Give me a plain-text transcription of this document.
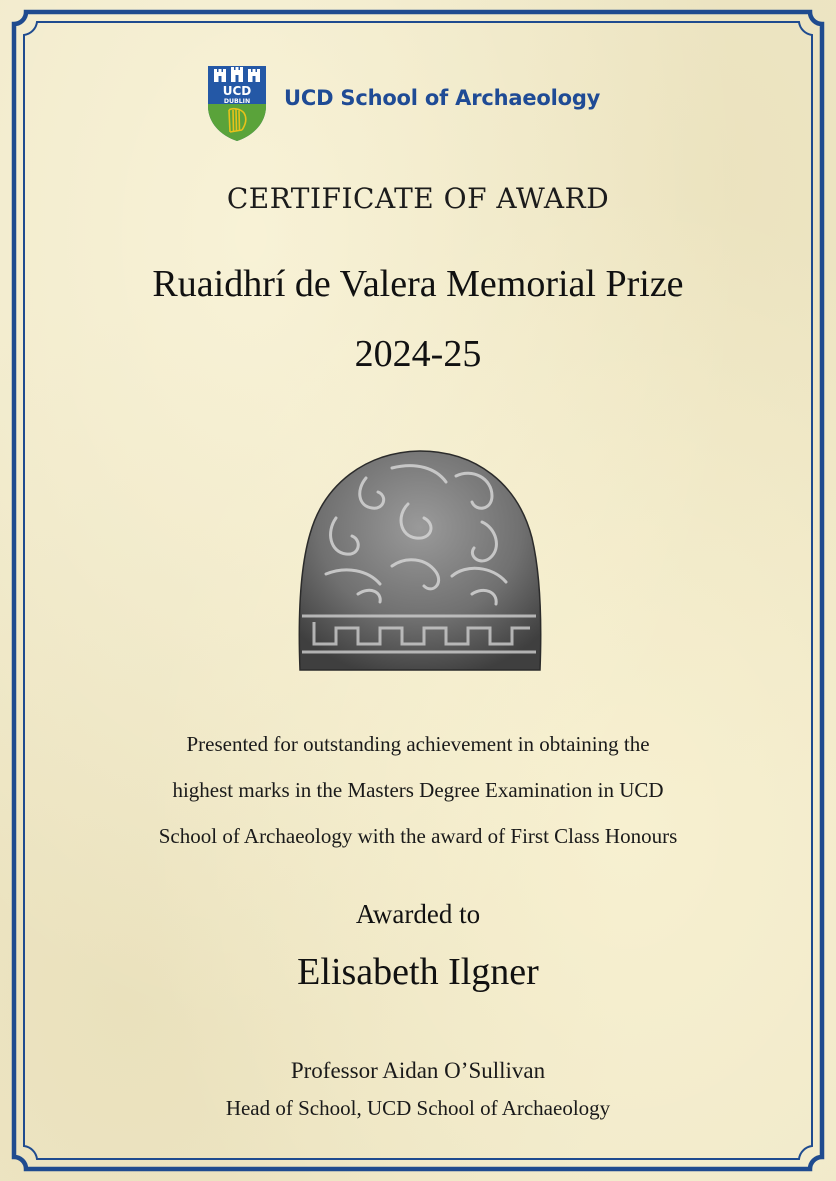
UCD
DUBLIN UCD School of Archaeology
CERTIFICATE OF AWARD
Ruaidhrí de Valera Memorial Prize
2024-25
Presented for outstanding achievement in obtaining the
highest marks in the Masters Degree Examination in UCD
School of Archaeology with the award of First Class Honours
Awarded to
Elisabeth Ilgner
Professor Aidan O’Sullivan
Head of School, UCD School of Archaeology
